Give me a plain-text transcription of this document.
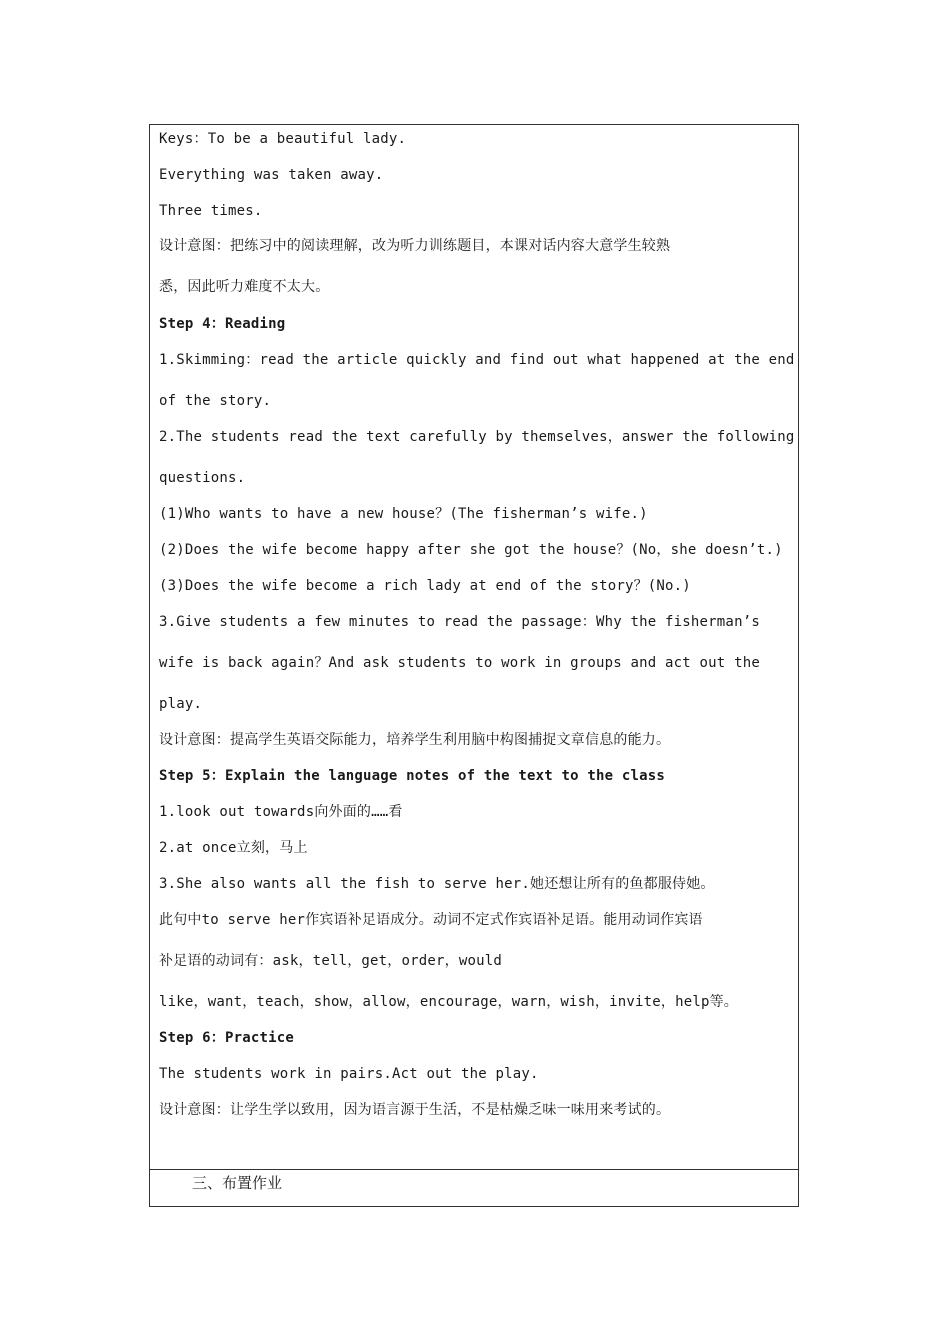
Keys：To be a beautiful lady.
Everything was taken away.
Three times.
设计意图：把练习中的阅读理解，改为听力训练题目，本课对话内容大意学生较熟
悉，因此听力难度不太大。
Step 4：Reading
1.Skimming：read the article quickly and find out what happened at the end
of the story.
2.The students read the text carefully by themselves，answer the following
questions.
(1)Who wants to have a new house？(The fisherman’s wife.)
(2)Does the wife become happy after she got the house？(No，she doesn’t.)
(3)Does the wife become a rich lady at end of the story？(No.)
3.Give students a few minutes to read the passage：Why the fisherman’s
wife is back again？And ask students to work in groups and act out the
play.
设计意图：提高学生英语交际能力，培养学生利用脑中构图捕捉文章信息的能力。
Step 5：Explain the language notes of the text to the class
1.look out towards向外面的……看
2.at once立刻，马上
3.She also wants all the fish to serve her.她还想让所有的鱼都服侍她。
此句中to serve her作宾语补足语成分。动词不定式作宾语补足语。能用动词作宾语
补足语的动词有：ask，tell，get，order，would
like，want，teach，show，allow，encourage，warn，wish，invite，help等。
Step 6：Practice
The students work in pairs.Act out the play.
设计意图：让学生学以致用，因为语言源于生活，不是枯燥乏味一味用来考试的。
三、布置作业
